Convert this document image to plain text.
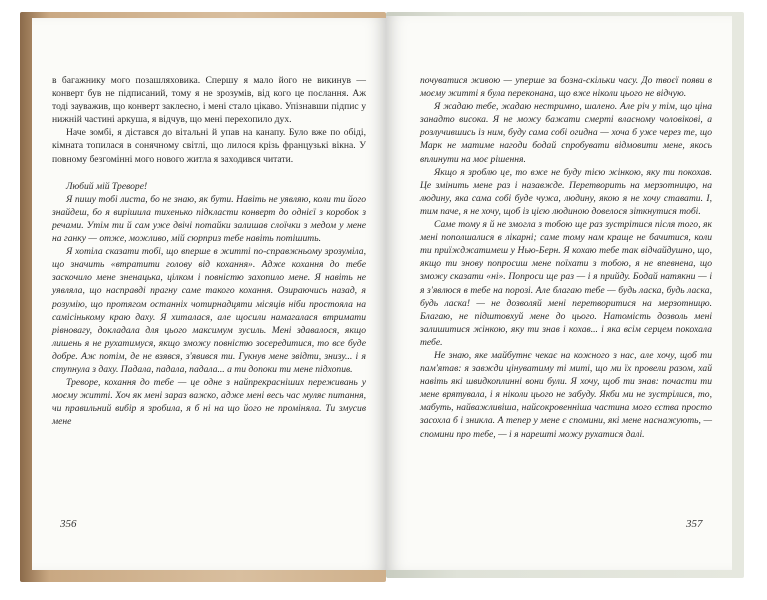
в багажнику мого позашляховика. Спершу я мало його не викинув — конверт був не підписаний, тому я не зрозумів, від кого це послання. Аж тоді зауважив, що конверт заклеєно, і мені стало цікаво. Упізнавши підпис у нижній частині аркуша, я відчув, що мені перехопило дух.

Наче зомбі, я дістався до вітальні й упав на канапу. Було вже по обіді, кімната топилася в сонячному світлі, що лилося крізь французькі вікна. У повному безгомінні мого нового житла я заходився читати.

Любий мій Треворе!

Я пишу тобі листа, бо не знаю, як бути. Навіть не уявляю, коли ти його знайдеш, бо я вирішила тихенько підкласти конверт до однієї з коробок з речами. Утім ти й сам уже двічі потайки залишав слоїчки з медом у мене на ганку — отже, можливо, мій сюрприз тебе навіть потішить.

Я хотіла сказати тобі, що вперше в житті по-справжньому зрозуміла, що значить «втратити голову від кохання». Адже кохання до тебе заскочило мене зненацька, цілком і повністю захопило мене. Я навіть не уявляла, що насправді прагну саме такого кохання. Озираючись назад, я розумію, що протягом останніх чотирнадцяти місяців ніби простояла на самісінькому краю даху. Я хиталася, але щосили намагалася втримати рівновагу, докладала для цього максимум зусиль. Мені здавалося, якщо лишень я не рухатимуся, якщо зможу повністю зосередитися, то все буде добре. Аж потім, де не взявся, з'явився ти. Гукнув мене звідти, знизу... і я ступнула з даху. Падала, падала, падала... а ти допоки ти мене підхопив.

Треворе, кохання до тебе — це одне з найпрекрасніших переживань у моєму житті. Хоч як мені зараз важко, адже мені весь час муляє питання, чи правильний вибір я зробила, я б ні на що його не проміняла. Ти змусив мене

356

почуватися живою — уперше за бозна-скільки часу. До твоєї появи в моєму житті я була переконана, що вже ніколи цього не відчую.

Я жадаю тебе, жадаю нестримно, шалено. Але річ у тім, що ціна занадто висока. Я не можу бажати смерті власному чоловікові, а розлучившись із ним, буду сама собі огидна — хоча б уже через те, що Марк не матиме нагоди бодай спробувати відмовити мене, якось вплинути на моє рішення.

Якщо я зроблю це, то вже не буду тією жінкою, яку ти покохав. Це змінить мене раз і назавжде. Перетворить на мерзотницю, на людину, яка сама собі буде чужа, людину, якою я не хочу ставати. І, тим паче, я не хочу, щоб із цією людиною довелося зіткнутися тобі.

Саме тому я й не змогла з тобою ще раз зустрітися після того, як мені пополшалися в лікарні; саме тому нам краще не бачитися, коли ти приїжджатимеш у Нью-Берн. Я кохаю тебе так відчайдушно, що, якщо ти знову попросиш мене поїхати з тобою, я не впевнена, що зможу сказати «ні». Попроси ще раз — і я прийду. Бодай натякни — і я з'явлюся в тебе на порозі. Але благаю тебе — будь ласка, будь ласка, будь ласка! — не дозволяй мені перетворитися на мерзотницю. Благаю, не підштовхуй мене до цього. Натомість дозволь мені залишитися жінкою, яку ти знав і кохав... і яка всім серцем покохала тебе.

Не знаю, яке майбутнє чекає на кожного з нас, але хочу, щоб ти пам'ятав: я завжди цінуватиму ті миті, що ми їх провели разом, хай навіть які швидкоплинні вони були. Я хочу, щоб ти знав: почасти ти мене врятувала, і я ніколи цього не забуду. Якби ми не зустрілися, то, мабуть, найважливіша, найсокровенніша частина мого єства просто засохла б і зникла. А тепер у мене є спомини, які мене наснажують, — спомини про тебе, — і я нарешті можу рухатися далі.

357
